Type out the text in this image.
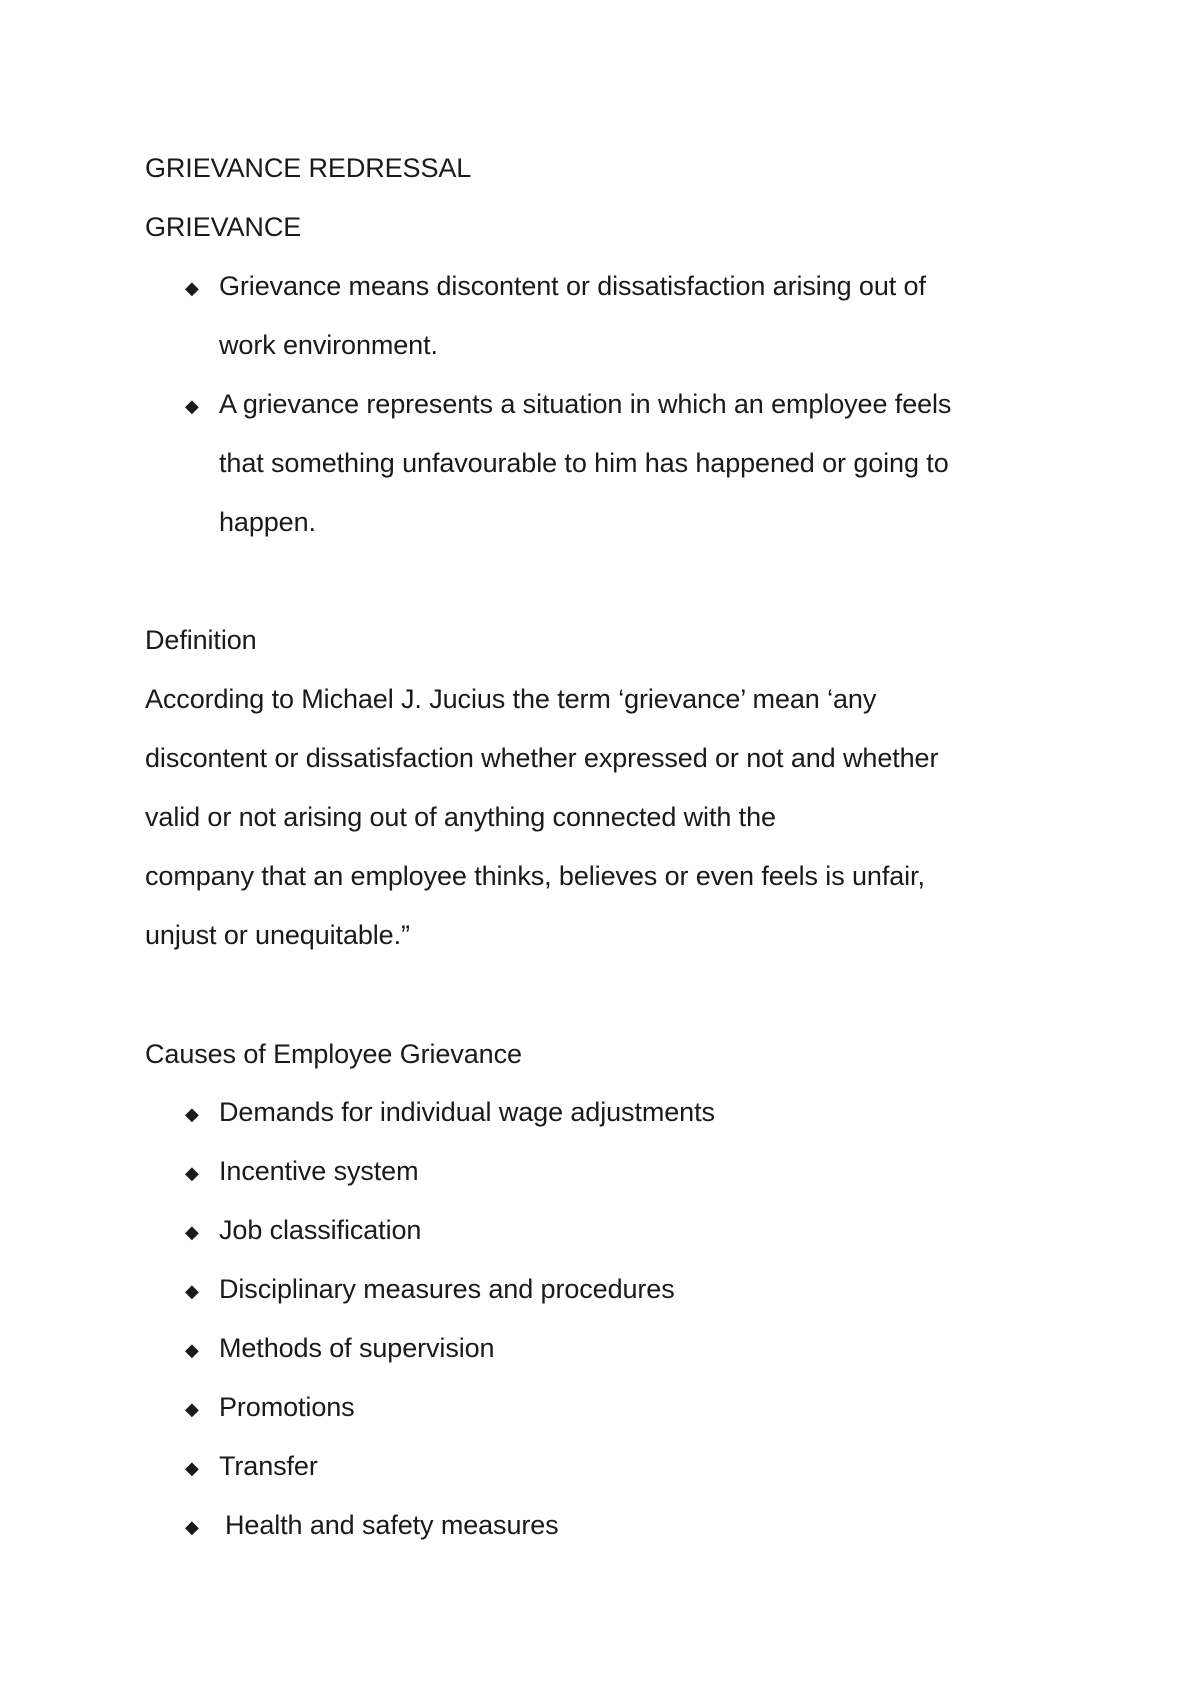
GRIEVANCE REDRESSAL
GRIEVANCE
◆ Grievance means discontent or dissatisfaction arising out of
work environment.
◆ A grievance represents a situation in which an employee feels
that something unfavourable to him has happened or going to
happen.
Definition
According to Michael J. Jucius the term ‘grievance’ mean ‘any
discontent or dissatisfaction whether expressed or not and whether
valid or not arising out of anything connected with the
company that an employee thinks, believes or even feels is unfair,
unjust or unequitable.”
Causes of Employee Grievance
◆ Demands for individual wage adjustments
◆ Incentive system
◆ Job classification
◆ Disciplinary measures and procedures
◆ Methods of supervision
◆ Promotions
◆ Transfer
◆ Health and safety measures
